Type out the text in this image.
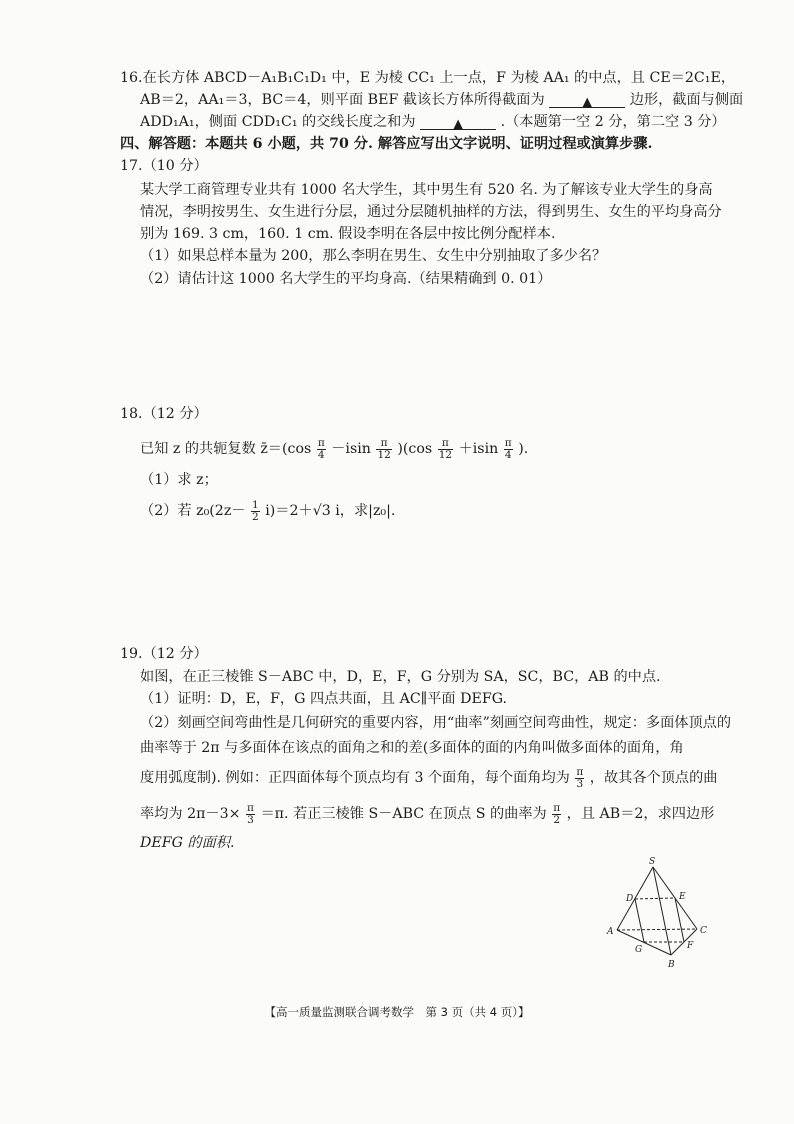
16.在长方体 ABCD－A₁B₁C₁D₁ 中，E 为棱 CC₁ 上一点，F 为棱 AA₁ 的中点，且 CE＝2C₁E，
AB＝2，AA₁＝3，BC＝4，则平面 BEF 截该长方体所得截面为	▲	边形，截面与侧面
ADD₁A₁，侧面 CDD₁C₁ 的交线长度之和为	▲	.（本题第一空 2 分，第二空 3 分）
四、解答题：本题共 6 小题，共 70 分. 解答应写出文字说明、证明过程或演算步骤.
17.（10 分）
某大学工商管理专业共有 1000 名大学生，其中男生有 520 名. 为了解该专业大学生的身高
情况，李明按男生、女生进行分层，通过分层随机抽样的方法，得到男生、女生的平均身高分
别为 169. 3 cm，160. 1 cm. 假设李明在各层中按比例分配样本.
（1）如果总样本量为 200，那么李明在男生、女生中分别抽取了多少名？
（2）请估计这 1000 名大学生的平均身高.（结果精确到 0. 01）
18.（12 分）
已知 z 的共轭复数 z̄＝(cos $\frac{\pi}{4} -isin \frac{\pi}{12} )(\cos \frac{\pi}{12} +isin \frac{\pi}{4}$ ).
（1）求 z；
（2）若 $z_0(2z- \frac{1}{2} i)=2+√3$ i，求|z₀|.
19.（12 分）
如图，在正三棱锥 S－ABC 中，D，E，F，G 分别为 SA，SC，BC，AB 的中点.
（1）证明：D，E，F，G 四点共面，且 AC∥平面 DEFG.
（2）刻画空间弯曲性是几何研究的重要内容，用“曲率”刻画空间弯曲性，规定：多面体顶点的
曲率等于 2π 与多面体在该点的面角之和的差(多面体的面的内角叫做多面体的面角，角
度用弧度制). 例如：正四面体每个顶点均有 3 个面角，每个面角均为 $\frac{\pi}{3}$ ，故其各个顶点的曲
率均为 $2\pi-3\times \frac{\pi}{3} =\pi$. 若正三棱锥 S－ABC 在顶点 S 的曲率为 $\frac{\pi}{2}$ ，且 AB＝2，求四边形
DEFG 的面积.
S
A
B
C
D	E
F
G
【高一质量监测联合调考数学　第 3 页（共 4 页）】
